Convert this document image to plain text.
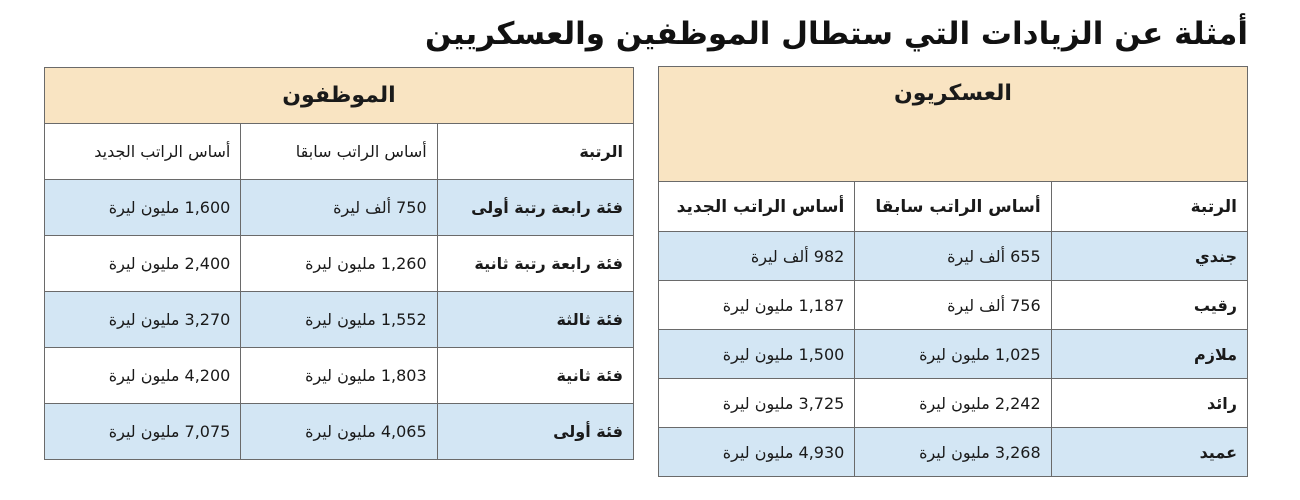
أمثلة عن الزيادات التي ستطال الموظفين والعسكريين
العسكريون		
الرتبة	أساس الراتب سابقا	أساس الراتب الجديد
جندي	655 ألف ليرة	982 ألف ليرة
رقيب	756 ألف ليرة	1,187 مليون ليرة
ملازم	1,025 مليون ليرة	1,500 مليون ليرة
رائد	2,242 مليون ليرة	3,725 مليون ليرة
عميد	3,268 مليون ليرة	4,930 مليون ليرة
الموظفون		
الرتبة	أساس الراتب سابقا	أساس الراتب الجديد
فئة رابعة رتبة أولى	750 ألف ليرة	1,600 مليون ليرة
فئة رابعة رتبة ثانية	1,260 مليون ليرة	2,400 مليون ليرة
فئة ثالثة	1,552 مليون ليرة	3,270 مليون ليرة
فئة ثانية	1,803 مليون ليرة	4,200 مليون ليرة
فئة أولى	4,065 مليون ليرة	7,075 مليون ليرة
